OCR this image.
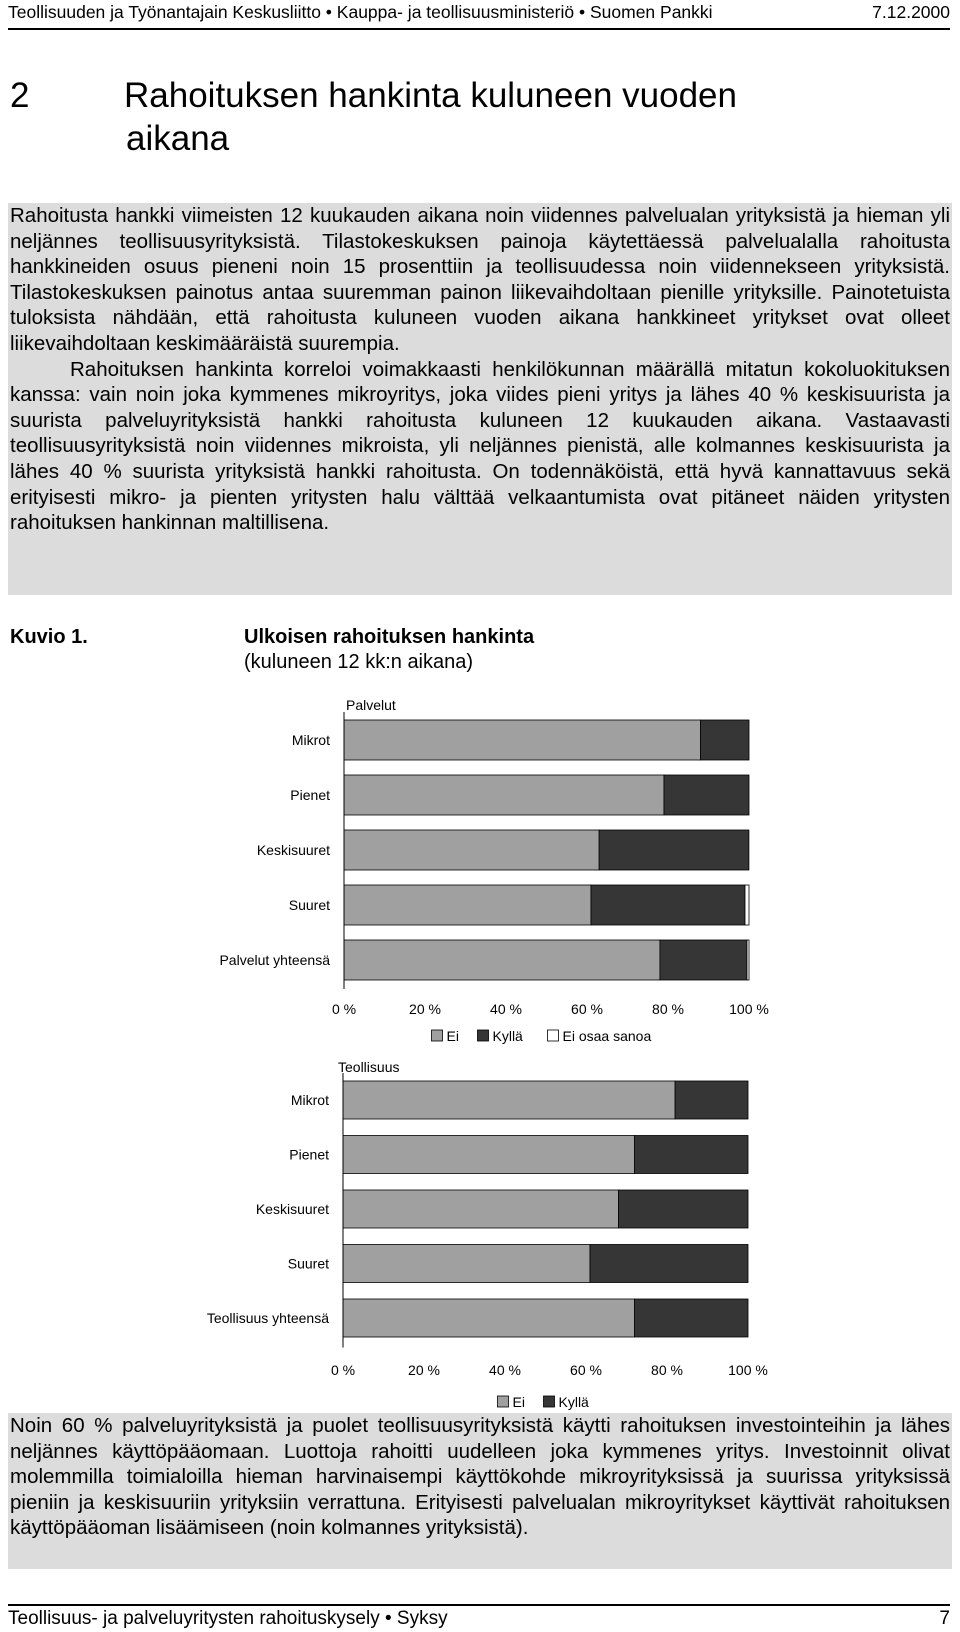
Teollisuuden ja Työnantajain Keskusliitto • Kauppa- ja teollisuusministeriö • Suomen Pankki	7.12.2000
2	Rahoituksen hankinta kuluneen vuoden
aikana

Rahoitusta hankki viimeisten 12 kuukauden aikana noin viidennes palvelualan yrityksistä ja hieman yli neljännes teollisuusyrityksistä. Tilastokeskuksen painoja käytettäessä palvelualalla rahoitusta hankkineiden osuus pieneni noin 15 prosenttiin ja teollisuudessa noin viidennekseen yrityksistä. Tilastokeskuksen painotus antaa suuremman painon liikevaihdoltaan pienille yrityksille. Painotetuista tuloksista nähdään, että rahoitusta kuluneen vuoden aikana hankkineet yritykset ovat olleet liikevaihdoltaan keskimääräistä suurempia.

Rahoituksen hankinta korreloi voimakkaasti henkilökunnan määrällä mitatun kokoluokituksen kanssa: vain noin joka kymmenes mikroyritys, joka viides pieni yritys ja lähes 40 % keskisuurista ja suurista palveluyrityksistä hankki rahoitusta kuluneen 12 kuukauden aikana. Vastaavasti teollisuusyrityksistä noin viidennes mikroista, yli neljännes pienistä, alle kolmannes keskisuurista ja lähes 40 % suurista yrityksistä hankki rahoitusta. On todennäköistä, että hyvä kannattavuus sekä erityisesti mikro- ja pienten yritysten halu välttää velkaantumista ovat pitäneet näiden yritysten rahoituksen hankinnan maltillisena.

Kuvio 1.	Ulkoisen rahoituksen hankinta
(kuluneen 12 kk:n aikana)
Palvelut
Mikrot
Pienet
Keskisuuret
Suuret
Palvelut yhteensä
0 %	20 %	40 %	60 %	80 %	100 %
Ei Kyllä	Ei osaa sanoa
Teollisuus
Mikrot
Pienet
Keskisuuret
Suuret
Teollisuus yhteensä
0 %	20 %	40 %	60 %	80 %	100 %
Ei Kyllä

Noin 60 % palveluyrityksistä ja puolet teollisuusyrityksistä käytti rahoituksen investointeihin ja lähes neljännes käyttöpääomaan. Luottoja rahoitti uudelleen joka kymmenes yritys. Investoinnit olivat molemmilla toimialoilla hieman harvinaisempi käyttökohde mikroyrityksissä ja suurissa yrityksissä pieniin ja keskisuuriin yrityksiin verrattuna. Erityisesti palvelualan mikroyritykset käyttivät rahoituksen käyttöpääoman lisäämiseen (noin kolmannes yrityksistä).

Teollisuus- ja palveluyritysten rahoituskysely • Syksy	7
